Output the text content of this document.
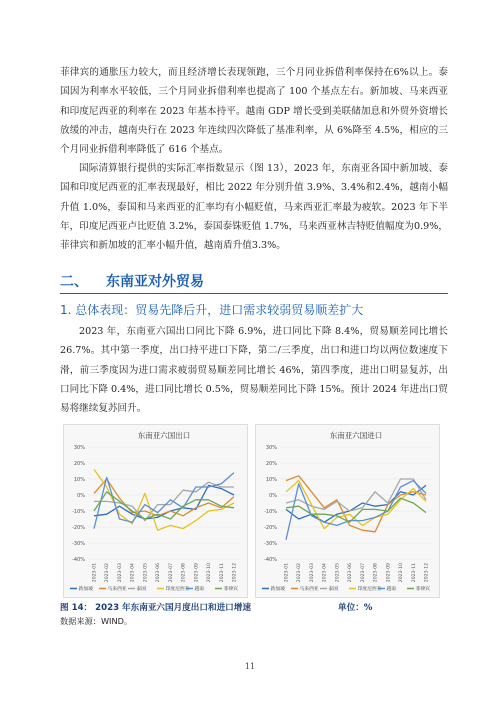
菲律宾的通胀压力较大，而且经济增长表现领跑，三个月同业拆借利率保持在6%以上。泰国因为利率水平较低，三个月同业拆借利率也提高了 100 个基点左右。新加坡、马来西亚和印度尼西亚的利率在 2023 年基本持平。越南 GDP 增长受到美联储加息和外贸外资增长放缓的冲击，越南央行在 2023 年连续四次降低了基准利率，从 6%降至 4.5%，相应的三个月同业拆借利率降低了 616 个基点。

国际清算银行提供的实际汇率指数显示（图 13），2023 年，东南亚各国中新加坡、泰国和印度尼西亚的汇率表现最好，相比 2022 年分别升值 3.9%、3.4%和2.4%，越南小幅升值 1.0%，泰国和马来西亚的汇率均有小幅贬值，马来西亚汇率最为疲软。2023 年下半年，印度尼西亚卢比贬值 3.2%，泰国泰铢贬值 1.7%，马来西亚林吉特贬值幅度为0.9%，菲律宾和新加坡的汇率小幅升值，越南盾升值3.3%。

二、 东南亚对外贸易
1. 总体表现：贸易先降后升，进口需求较弱贸易顺差扩大

2023 年，东南亚六国出口同比下降 6.9%，进口同比下降 8.4%，贸易顺差同比增长 26.7%。其中第一季度，出口持平进口下降，第二/三季度，出口和进口均以两位数速度下滑，前三季度因为进口需求疲弱贸易顺差同比增长 46%，第四季度，进出口明显复苏，出口同比下降 0.4%，进口同比增长 0.5%，贸易顺差同比下降 15%。预计 2024 年进出口贸易将继续复苏回升。

东南亚六国出口
-40%
-30%
-20%
-10%
0%
10%
20%
30%
2023-01 2023-02 2023-03 2023-04 2023-05 2023-06 2023-07 2023-08 2023-09 2023-10 2023-11 2023-12
新加坡	马来西亚 泰国	印度尼西亚 越南	菲律宾
东南亚六国进口
-40%
-30%
-20%
-10%
0%
10%
20%
30%
2023-01 2023-02 2023-03 2023-04 2023-05 2023-06 2023-07 2023-08 2023-09 2023-10 2023-11 2023-12
新加坡	马来西亚 泰国	印度尼西亚 越南	菲律宾
图 14： 2023 年东南亚六国月度出口和进口增速	单位：%
数据来源：WIND。
11
